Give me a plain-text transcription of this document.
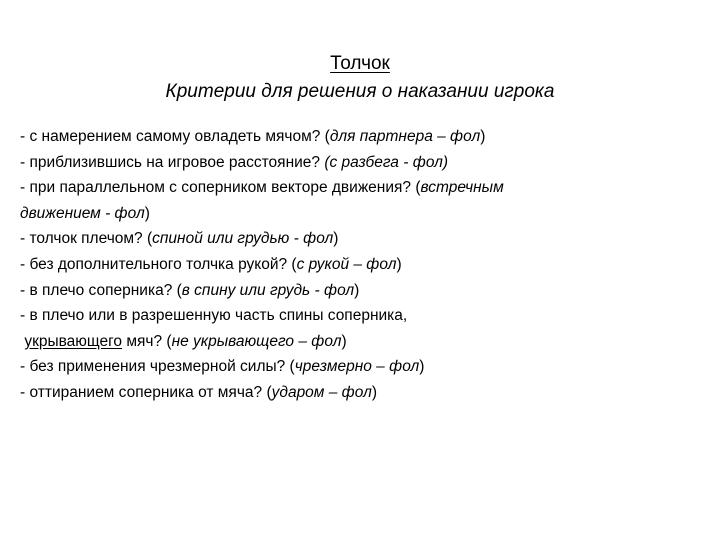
Толчок
Критерии для решения о наказании игрока
- с намерением самому овладеть мячом? (для партнера – фол)
- приблизившись на игровое расстояние? (с разбега - фол)
- при параллельном с соперником векторе движения? (встречным
движением - фол)
- толчок плечом? (спиной или грудью - фол)
- без дополнительного толчка рукой? (с рукой – фол)
- в плечо соперника? (в спину или грудь - фол)
- в плечо или в разрешенную часть спины соперника,
укрывающего мяч? (не укрывающего – фол)
- без применения чрезмерной силы? (чрезмерно – фол)
- оттиранием соперника от мяча? (ударом – фол)
